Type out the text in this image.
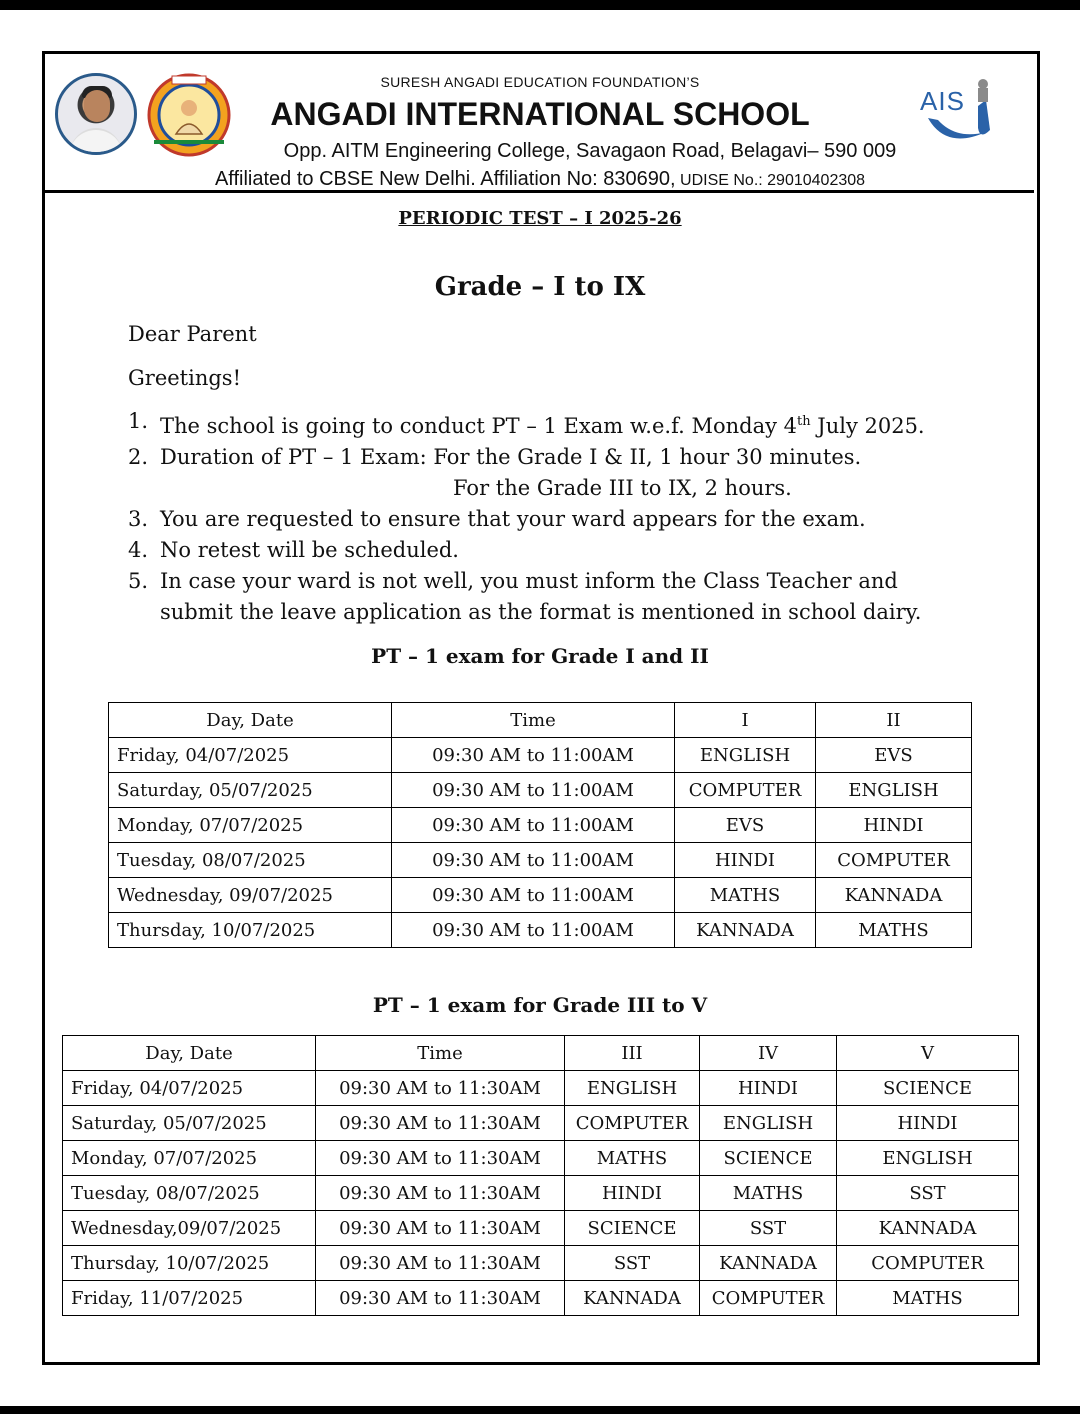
AIS
SURESH ANGADI EDUCATION FOUNDATION’S
ANGADI INTERNATIONAL SCHOOL
Opp. AITM Engineering College, Savagaon Road, Belagavi– 590 009
Affiliated to CBSE New Delhi. Affiliation No: 830690, UDISE No.: 29010402308
PERIODIC TEST – I 2025-26
Grade – I to IX
Dear Parent
Greetings!
1. The school is going to conduct PT – 1 Exam w.e.f. Monday 4th July 2025.
2. Duration of PT – 1 Exam: For the Grade I & II, 1 hour 30 minutes.
For the Grade III to IX, 2 hours.
3. You are requested to ensure that your ward appears for the exam.
4. No retest will be scheduled.
5. In case your ward is not well, you must inform the Class Teacher and
submit the leave application as the format is mentioned in school dairy.
PT – 1 exam for Grade I and II
Day, Date	Time	I	II
Friday, 04/07/2025	09:30 AM to 11:00AM	ENGLISH	EVS
Saturday, 05/07/2025	09:30 AM to 11:00AM	COMPUTER	ENGLISH
Monday, 07/07/2025	09:30 AM to 11:00AM	EVS	HINDI
Tuesday, 08/07/2025	09:30 AM to 11:00AM	HINDI	COMPUTER
Wednesday, 09/07/2025	09:30 AM to 11:00AM	MATHS	KANNADA
Thursday, 10/07/2025	09:30 AM to 11:00AM	KANNADA	MATHS
PT – 1 exam for Grade III to V
Day, Date	Time	III	IV	V
Friday, 04/07/2025	09:30 AM to 11:30AM	ENGLISH	HINDI	SCIENCE
Saturday, 05/07/2025	09:30 AM to 11:30AM	COMPUTER	ENGLISH	HINDI
Monday, 07/07/2025	09:30 AM to 11:30AM	MATHS	SCIENCE	ENGLISH
Tuesday, 08/07/2025	09:30 AM to 11:30AM	HINDI	MATHS	SST
Wednesday,09/07/2025	09:30 AM to 11:30AM	SCIENCE	SST	KANNADA
Thursday, 10/07/2025	09:30 AM to 11:30AM	SST	KANNADA	COMPUTER
Friday, 11/07/2025	09:30 AM to 11:30AM	KANNADA	COMPUTER	MATHS
